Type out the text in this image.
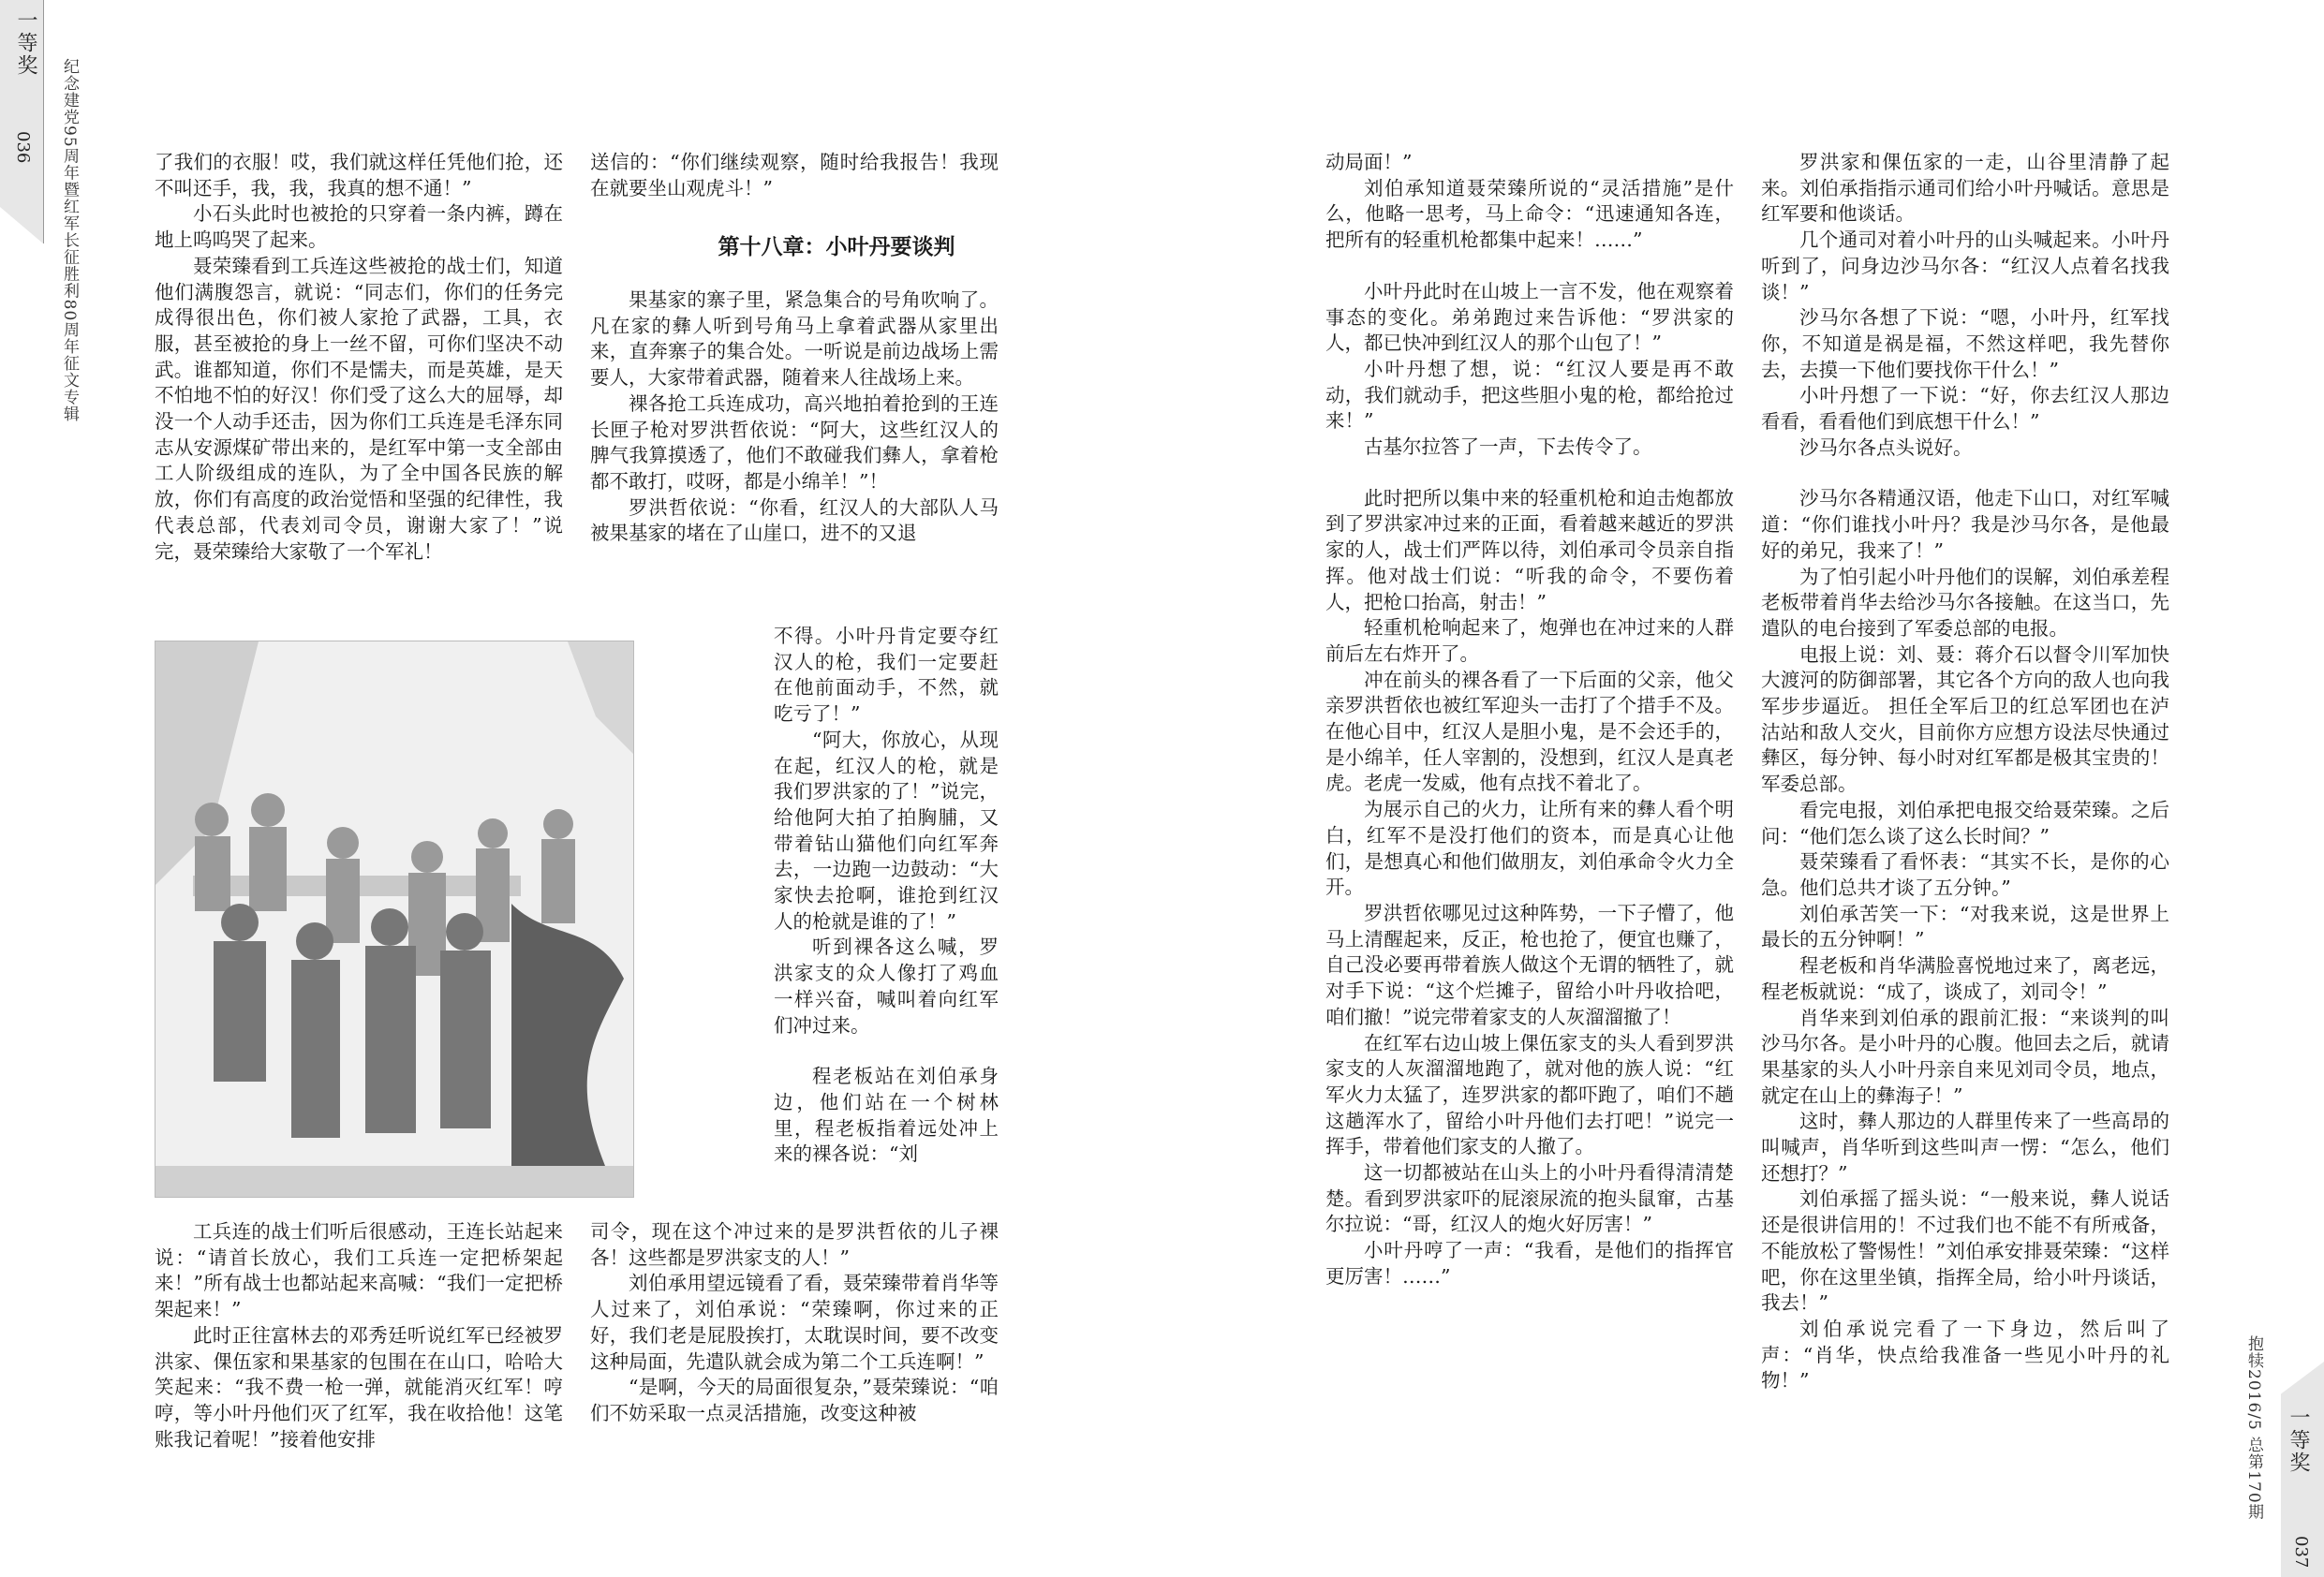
一等奖
036 纪念建党95周年暨红军长征胜利80周年征文专辑	了我们的衣服！哎，我们就这样任凭他们抢，还不叫还手，我，我，我真的想不通！”

小石头此时也被抢的只穿着一条内裤，蹲在地上呜呜哭了起来。

聂荣臻看到工兵连这些被抢的战士们，知道他们满腹怨言，就说：“同志们，你们的任务完成得很出色，你们被人家抢了武器，工具，衣服，甚至被抢的身上一丝不留，可你们坚决不动武。谁都知道，你们不是懦夫，而是英雄，是天不怕地不怕的好汉！你们受了这么大的屈辱，却没一个人动手还击，因为你们工兵连是毛泽东同志从安源煤矿带出来的，是红军中第一支全部由工人阶级组成的连队，为了全中国各民族的解放，你们有高度的政治觉悟和坚强的纪律性，我代表总部，代表刘司令员，谢谢大家了！”说完，聂荣臻给大家敬了一个军礼！

工兵连的战士们听后很感动，王连长站起来说：“请首长放心，我们工兵连一定把桥架起来！”所有战士也都站起来高喊：“我们一定把桥架起来！”

此时正往富林去的邓秀廷听说红军已经被罗洪家、倮伍家和果基家的包围在在山口，哈哈大笑起来：“我不费一枪一弹，就能消灭红军！哼哼，等小叶丹他们灭了红军，我在收拾他！这笔账我记着呢！”接着他安排

送信的：“你们继续观察，随时给我报告！我现在就要坐山观虎斗！”

第十八章：小叶丹要谈判

果基家的寨子里，紧急集合的号角吹响了。凡在家的彝人听到号角马上拿着武器从家里出来，直奔寨子的集合处。一听说是前边战场上需要人，大家带着武器，随着来人往战场上来。

裸各抢工兵连成功，高兴地拍着抢到的王连长匣子枪对罗洪哲依说：“阿大，这些红汉人的脾气我算摸透了，他们不敢碰我们彝人，拿着枪都不敢打，哎呀，都是小绵羊！”！

罗洪哲依说：“你看，红汉人的大部队人马被果基家的堵在了山崖口，进不的又退

不得。小叶丹肯定要夺红汉人的枪，我们一定要赶在他前面动手，不然，就吃亏了！”

“阿大，你放心，从现在起，红汉人的枪，就是我们罗洪家的了！”说完，给他阿大拍了拍胸脯，又带着钻山猫他们向红军奔去，一边跑一边鼓动：“大家快去抢啊，谁抢到红汉人的枪就是谁的了！”

听到裸各这么喊，罗洪家支的众人像打了鸡血一样兴奋，喊叫着向红军们冲过来。

程老板站在刘伯承身边，他们站在一个树林里，程老板指着远处冲上来的裸各说：“刘

司令，现在这个冲过来的是罗洪哲依的儿子裸各！这些都是罗洪家支的人！”

刘伯承用望远镜看了看，聂荣臻带着肖华等人过来了，刘伯承说：“荣臻啊，你过来的正好，我们老是屁股挨打，太耽误时间，要不改变这种局面，先遣队就会成为第二个工兵连啊！”

“是啊，今天的局面很复杂，”聂荣臻说：“咱们不妨采取一点灵活措施，改变这种被

动局面！”

刘伯承知道聂荣臻所说的“灵活措施”是什么，他略一思考，马上命令：“迅速通知各连，把所有的轻重机枪都集中起来！……”

小叶丹此时在山坡上一言不发，他在观察着事态的变化。弟弟跑过来告诉他：“罗洪家的人，都已快冲到红汉人的那个山包了！”

小叶丹想了想，说：“红汉人要是再不敢动，我们就动手，把这些胆小鬼的枪，都给抢过来！”

古基尔拉答了一声，下去传令了。

此时把所以集中来的轻重机枪和迫击炮都放到了罗洪家冲过来的正面，看着越来越近的罗洪家的人，战士们严阵以待，刘伯承司令员亲自指挥。他对战士们说：“听我的命令，不要伤着人，把枪口抬高，射击！”

轻重机枪响起来了，炮弹也在冲过来的人群前后左右炸开了。

冲在前头的裸各看了一下后面的父亲，他父亲罗洪哲依也被红军迎头一击打了个措手不及。在他心目中，红汉人是胆小鬼，是不会还手的，是小绵羊，任人宰割的，没想到，红汉人是真老虎。老虎一发威，他有点找不着北了。

为展示自己的火力，让所有来的彝人看个明白，红军不是没打他们的资本，而是真心让他们，是想真心和他们做朋友，刘伯承命令火力全开。

罗洪哲依哪见过这种阵势，一下子懵了，他马上清醒起来，反正，枪也抢了，便宜也赚了，自己没必要再带着族人做这个无谓的牺牲了，就对手下说：“这个烂摊子，留给小叶丹收拾吧，咱们撤！”说完带着家支的人灰溜溜撤了！

在红军右边山坡上倮伍家支的头人看到罗洪家支的人灰溜溜地跑了，就对他的族人说：“红军火力太猛了，连罗洪家的都吓跑了，咱们不趟这趟浑水了，留给小叶丹他们去打吧！”说完一挥手，带着他们家支的人撤了。

这一切都被站在山头上的小叶丹看得清清楚楚。看到罗洪家吓的屁滚尿流的抱头鼠窜，古基尔拉说：“哥，红汉人的炮火好厉害！”

小叶丹哼了一声：“我看，是他们的指挥官更厉害！……”

罗洪家和倮伍家的一走，山谷里清静了起来。刘伯承指指示通司们给小叶丹喊话。意思是红军要和他谈话。

几个通司对着小叶丹的山头喊起来。小叶丹听到了，问身边沙马尔各：“红汉人点着名找我谈！”

沙马尔各想了下说：“嗯，小叶丹，红军找你，不知道是祸是福，不然这样吧，我先替你去，去摸一下他们要找你干什么！”

小叶丹想了一下说：“好，你去红汉人那边看看，看看他们到底想干什么！”

沙马尔各点头说好。

沙马尔各精通汉语，他走下山口，对红军喊道：“你们谁找小叶丹？我是沙马尔各，是他最好的弟兄，我来了！”

为了怕引起小叶丹他们的误解，刘伯承差程老板带着肖华去给沙马尔各接触。在这当口，先遣队的电台接到了军委总部的电报。

电报上说：刘、聂：蒋介石以督令川军加快大渡河的防御部署，其它各个方向的敌人也向我军步步逼近。 担任全军后卫的红总军团也在泸沽站和敌人交火，目前你方应想方设法尽快通过彝区，每分钟、每小时对红军都是极其宝贵的！军委总部。

看完电报，刘伯承把电报交给聂荣臻。之后问：“他们怎么谈了这么长时间？”

聂荣臻看了看怀表：“其实不长，是你的心急。他们总共才谈了五分钟。”

刘伯承苦笑一下：“对我来说，这是世界上最长的五分钟啊！”

程老板和肖华满脸喜悦地过来了，离老远，程老板就说：“成了，谈成了，刘司令！”

肖华来到刘伯承的跟前汇报：“来谈判的叫沙马尔各。是小叶丹的心腹。他回去之后，就请果基家的头人小叶丹亲自来见刘司令员，地点，就定在山上的彝海子！”

这时，彝人那边的人群里传来了一些高昂的叫喊声，肖华听到这些叫声一愣：“怎么，他们还想打？”

刘伯承摇了摇头说：“一般来说，彝人说话还是很讲信用的！不过我们也不能不有所戒备，不能放松了警惕性！”刘伯承安排聂荣臻：“这样吧，你在这里坐镇，指挥全局，给小叶丹谈话，我去！”

刘伯承说完看了一下身边，然后叫了声：“肖华，快点给我准备一些见小叶丹的礼物！”

一等奖
037
抱犊2016/5 总第170期
